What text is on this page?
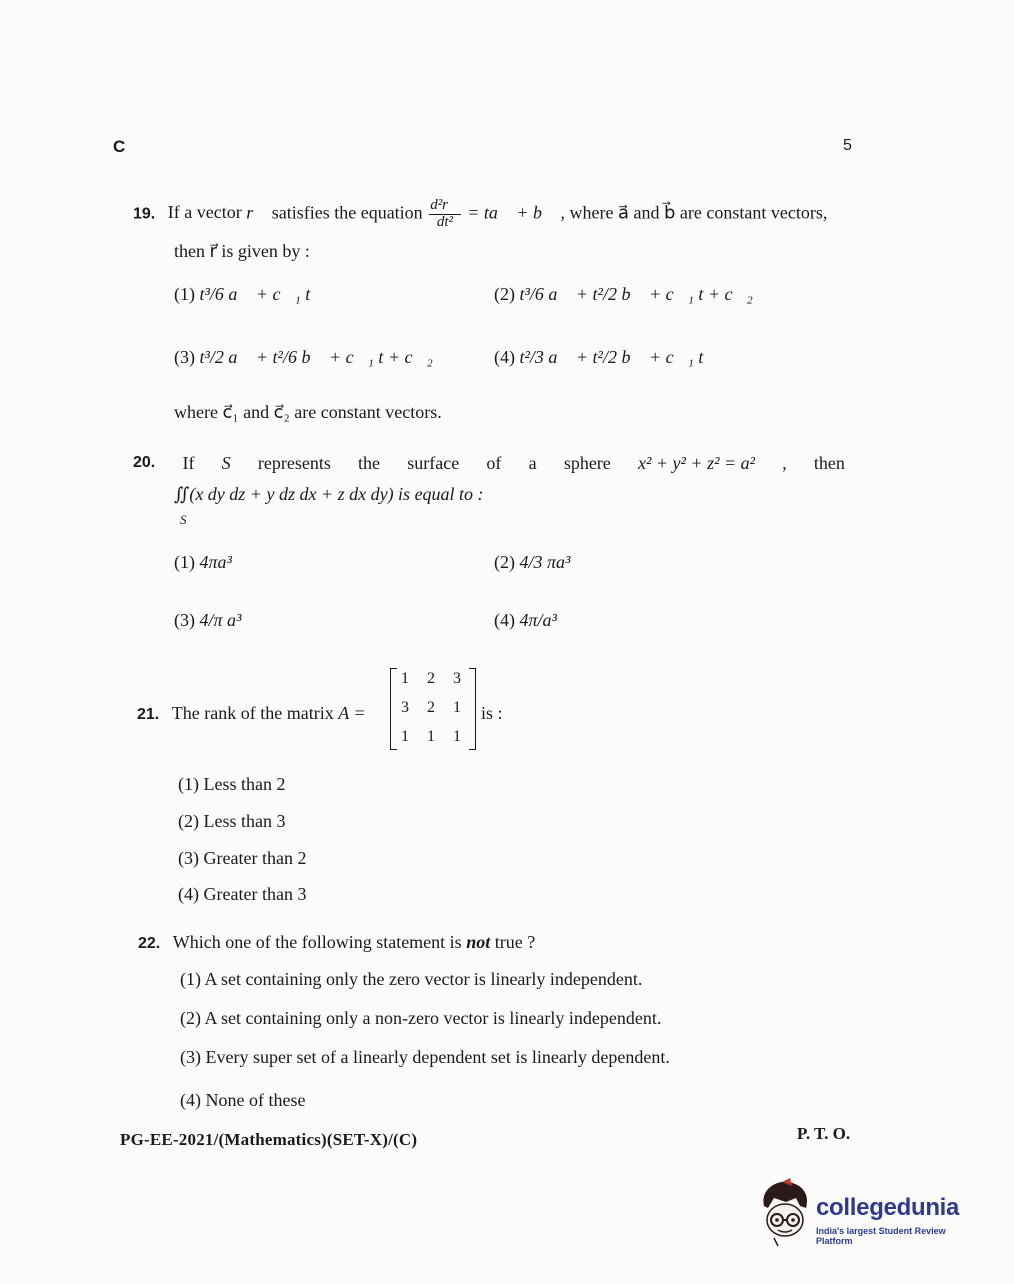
C	5
19. If a vector r⃗ satisfies the equation $\frac{\text{d²r⃗}}{\text{dt²}}$ = ta⃗ + b⃗ , where a⃗ and b⃗ are constant vectors,
then r⃗ is given by :
(1) t³/6 a⃗ + c⃗₁ t	(2) t³/6 a⃗ + t²/2 b⃗ + c⃗₁ t + c⃗₂
(3) t³/2 a⃗ + t²/6 b⃗ + c⃗₁ t + c⃗₂	(4) t²/3 a⃗ + t²/2 b⃗ + c⃗₁ t
where c⃗₁ and c⃗₂ are constant vectors.
20. If S represents the surface of a sphere x² + y² + z² = a² , then
∬(x dy dz + y dz dx + z dx dy) is equal to :
S
(1) 4πa³	(2) 4/3 πa³
(3) 4/π a³	(4) 4π/a³
21. The rank of the matrix A =
1 2 3
3 2 1
1 1 1
is :
(1) Less than 2
(2) Less than 3
(3) Greater than 2
(4) Greater than 3
22. Which one of the following statement is not true ?
(1) A set containing only the zero vector is linearly independent.
(2) A set containing only a non-zero vector is linearly independent.
(3) Every super set of a linearly dependent set is linearly dependent.
(4) None of these
PG-EE-2021/(Mathematics)(SET-X)/(C)	P. T. O.
collegedunia
India's largest Student Review Platform
